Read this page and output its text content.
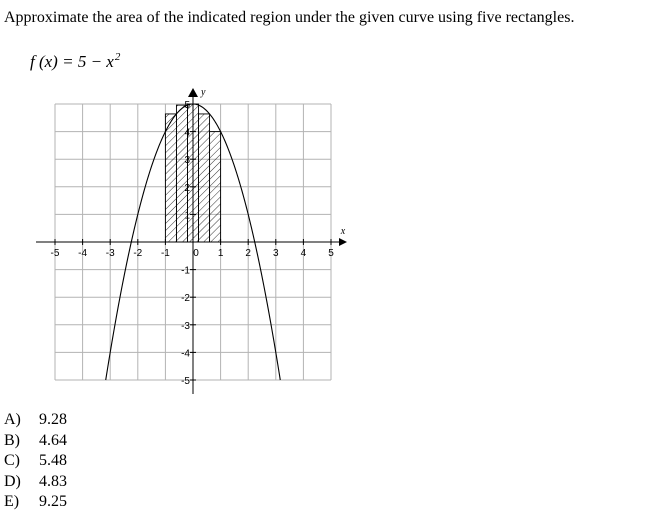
Approximate the area of the indicated region under the given curve using five rectangles.

f $(x) = 5 - x^2$
-5 -4 -3 -2 -1 0 1 2 3 4 5
-5
-4
-3
-2
-1
1
2
3
4
5
x
y
A)	9.28
B)	4.64
C)	5.48
D)	4.83
E)	9.25
